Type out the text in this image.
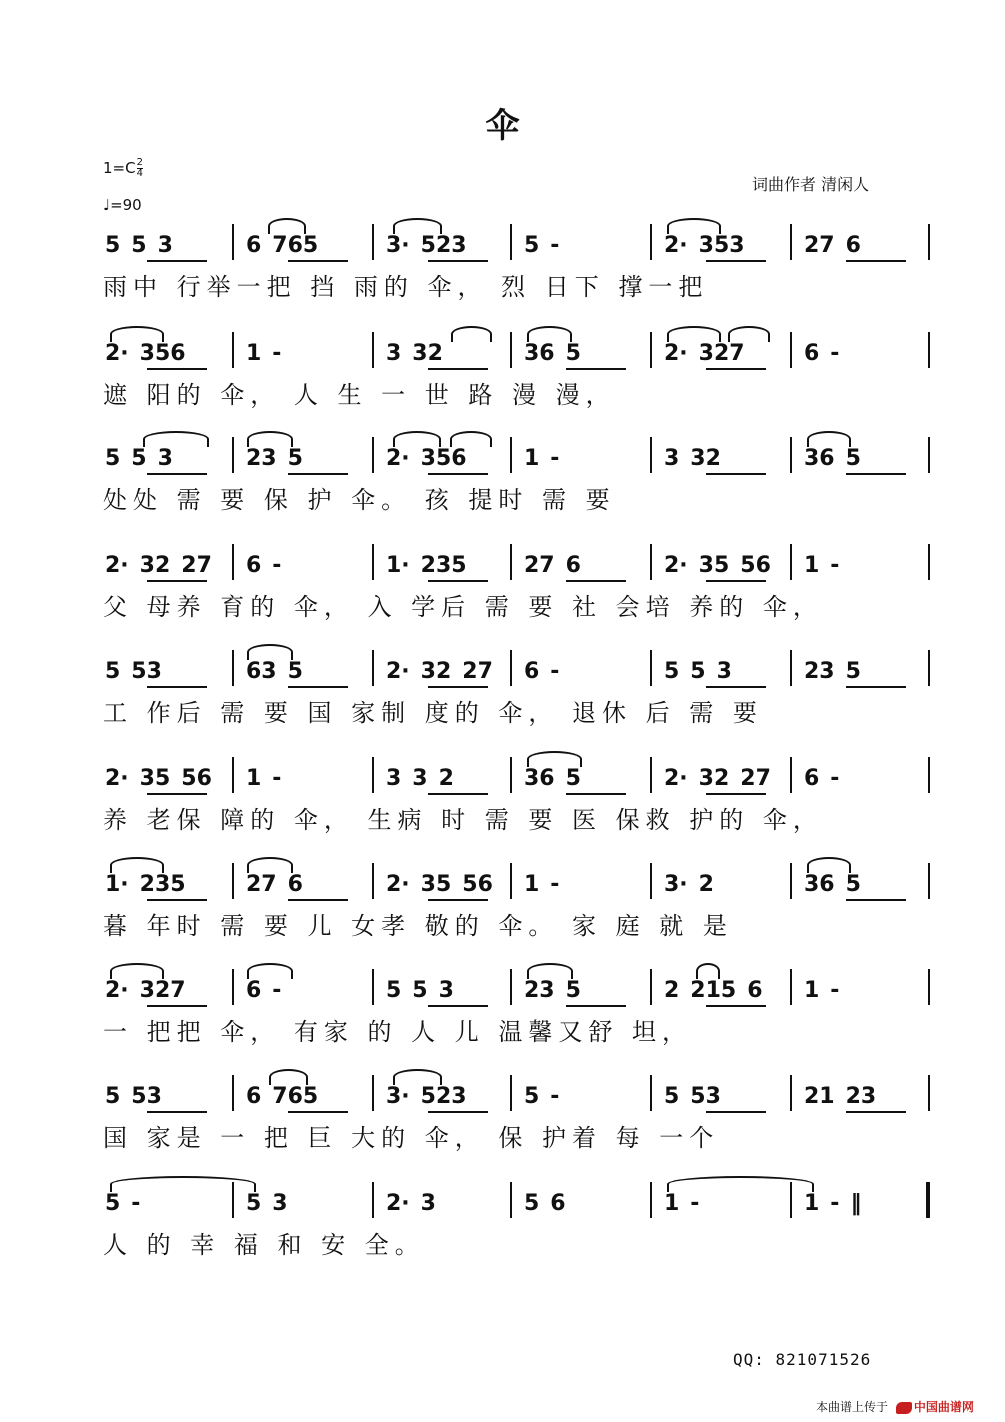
伞
$1=C \frac{2}{4}$
♩=90
词曲作者 清闲人
5 5 3	6 765	3· 523	5 -	2· 353	27 6
雨中 行举一把 挡 雨的 伞， 烈 日下 撑一把
2· 356	1 -	3 32	36 5	2· 327	6 -
遮 阳的 伞， 人 生 一 世 路 漫 漫，
5 5 3	23 5	2· 356	1 -	3 32	36 5
处处 需 要 保 护 伞。 孩 提时 需 要
2· 32 27 6 -	1· 235	27 6	2· 35 56 1 -
父 母养 育的 伞， 入 学后 需 要 社 会培 养的 伞，
5 53	63 5	2· 32 27 6 -	5 5 3	23 5
工 作后 需 要 国 家制 度的 伞， 退休 后 需 要
2· 35 56 1 -	3 3 2	36 5	2· 32 27 6 -
养 老保 障的 伞， 生病 时 需 要 医 保救 护的 伞，
1· 235	27 6	2· 35 56 1 -	3· 2	36 5
暮 年时 需 要 儿 女孝 敬的 伞。 家 庭 就 是
2· 327	6 -	5 5 3	23 5	2 215 6 1 -
一 把把 伞， 有家 的 人 儿 温馨又舒 坦，
5 53	6 765	3· 523	5 -	5 53	21 23
国 家是 一 把 巨 大的 伞， 保 护着 每 一个
5 -	5 3	2· 3	5 6	1 -	1 - ‖
人 的 幸 福 和 安 全。
QQ: 821071526
本曲谱上传于 中国曲谱网
